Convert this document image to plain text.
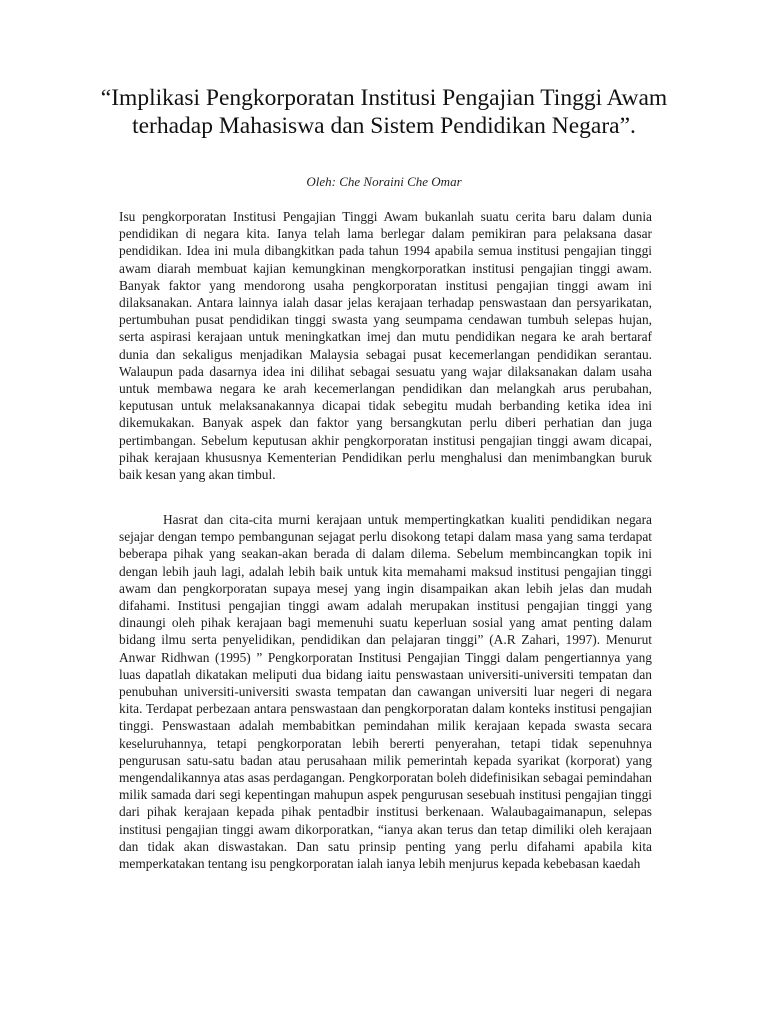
“Implikasi Pengkorporatan Institusi Pengajian Tinggi Awam terhadap Mahasiswa dan Sistem Pendidikan Negara”.

Oleh: Che Noraini Che Omar

Isu pengkorporatan Institusi Pengajian Tinggi Awam bukanlah suatu cerita baru dalam dunia pendidikan di negara kita. Ianya telah lama berlegar dalam pemikiran para pelaksana dasar pendidikan. Idea ini mula dibangkitkan pada tahun 1994 apabila semua institusi pengajian tinggi awam diarah membuat kajian kemungkinan mengkorporatkan institusi pengajian tinggi awam. Banyak faktor yang mendorong usaha pengkorporatan institusi pengajian tinggi awam ini dilaksanakan. Antara lainnya ialah dasar jelas kerajaan terhadap penswastaan dan persyarikatan, pertumbuhan pusat pendidikan tinggi swasta yang seumpama cendawan tumbuh selepas hujan, serta aspirasi kerajaan untuk meningkatkan imej dan mutu pendidikan negara ke arah bertaraf dunia dan sekaligus menjadikan Malaysia sebagai pusat kecemerlangan pendidikan serantau. Walaupun pada dasarnya idea ini dilihat sebagai sesuatu yang wajar dilaksanakan dalam usaha untuk membawa negara ke arah kecemerlangan pendidikan dan melangkah arus perubahan, keputusan untuk melaksanakannya dicapai tidak sebegitu mudah berbanding ketika idea ini dikemukakan. Banyak aspek dan faktor yang bersangkutan perlu diberi perhatian dan juga pertimbangan. Sebelum keputusan akhir pengkorporatan institusi pengajian tinggi awam dicapai, pihak kerajaan khususnya Kementerian Pendidikan perlu menghalusi dan menimbangkan buruk baik kesan yang akan timbul.

Hasrat dan cita-cita murni kerajaan untuk mempertingkatkan kualiti pendidikan negara sejajar dengan tempo pembangunan sejagat perlu disokong tetapi dalam masa yang sama terdapat beberapa pihak yang seakan-akan berada di dalam dilema. Sebelum membincangkan topik ini dengan lebih jauh lagi, adalah lebih baik untuk kita memahami maksud institusi pengajian tinggi awam dan pengkorporatan supaya mesej yang ingin disampaikan akan lebih jelas dan mudah difahami. Institusi pengajian tinggi awam adalah merupakan institusi pengajian tinggi yang dinaungi oleh pihak kerajaan bagi memenuhi suatu keperluan sosial yang amat penting dalam bidang ilmu serta penyelidikan, pendidikan dan pelajaran tinggi” (A.R Zahari, 1997). Menurut Anwar Ridhwan (1995) ” Pengkorporatan Institusi Pengajian Tinggi dalam pengertiannya yang luas dapatlah dikatakan meliputi dua bidang iaitu penswastaan universiti-universiti tempatan dan penubuhan universiti-universiti swasta tempatan dan cawangan universiti luar negeri di negara kita. Terdapat perbezaan antara penswastaan dan pengkorporatan dalam konteks institusi pengajian tinggi. Penswastaan adalah membabitkan pemindahan milik kerajaan kepada swasta secara keseluruhannya, tetapi pengkorporatan lebih bererti penyerahan, tetapi tidak sepenuhnya pengurusan satu-satu badan atau perusahaan milik pemerintah kepada syarikat (korporat) yang mengendalikannya atas asas perdagangan. Pengkorporatan boleh didefinisikan sebagai pemindahan milik samada dari segi kepentingan mahupun aspek pengurusan sesebuah institusi pengajian tinggi dari pihak kerajaan kepada pihak pentadbir institusi berkenaan. Walaubagaimanapun, selepas institusi pengajian tinggi awam dikorporatkan, “ianya akan terus dan tetap dimiliki oleh kerajaan dan tidak akan diswastakan. Dan satu prinsip penting yang perlu difahami apabila kita memperkatakan tentang isu pengkorporatan ialah ianya lebih menjurus kepada kebebasan kaedah
